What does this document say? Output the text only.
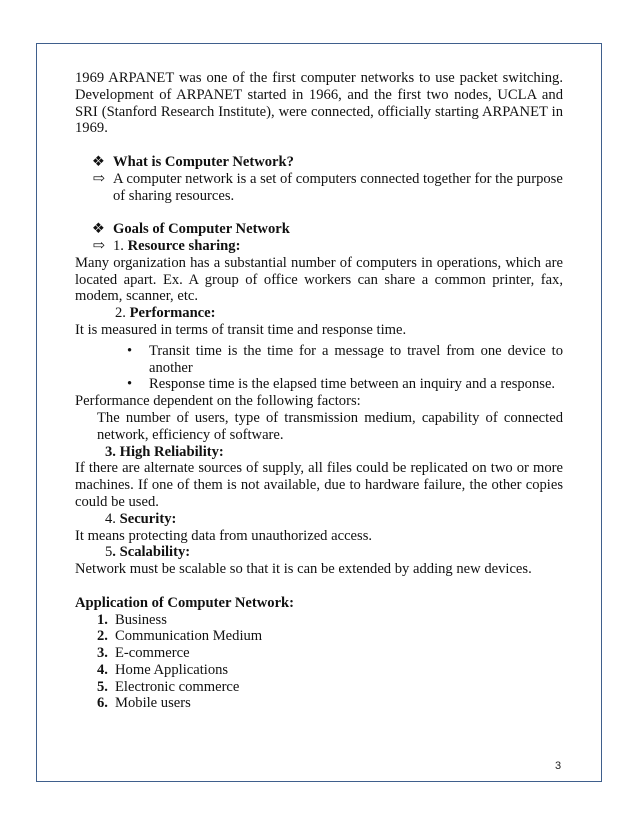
1969 ARPANET was one of the first computer networks to use packet switching. Development of ARPANET started in 1966, and the first two nodes, UCLA and SRI (Stanford Research Institute), were connected, officially starting ARPANET in 1969.

❖ What is Computer Network?
⇨ A computer network is a set of computers connected together for the purpose of sharing resources.
❖ Goals of Computer Network
⇨ 1. Resource sharing:

Many organization has a substantial number of computers in operations, which are located apart. Ex. A group of office workers can share a common printer, fax, modem, scanner, etc.

2. Performance:

It is measured in terms of transit time and response time.

•	Transit time is the time for a message to travel from one device to another
•	Response time is the elapsed time between an inquiry and a response.

Performance dependent on the following factors:

The number of users, type of transmission medium, capability of connected network, efficiency of software.

3. High Reliability:

If there are alternate sources of supply, all files could be replicated on two or more machines. If one of them is not available, due to hardware failure, the other copies could be used.

4. Security:

It means protecting data from unauthorized access.

5. Scalability:

Network must be scalable so that it is can be extended by adding new devices.

Application of Computer Network:

1. Business
2. Communication Medium
3. E-commerce
4. Home Applications
5. Electronic commerce
6. Mobile users
3
